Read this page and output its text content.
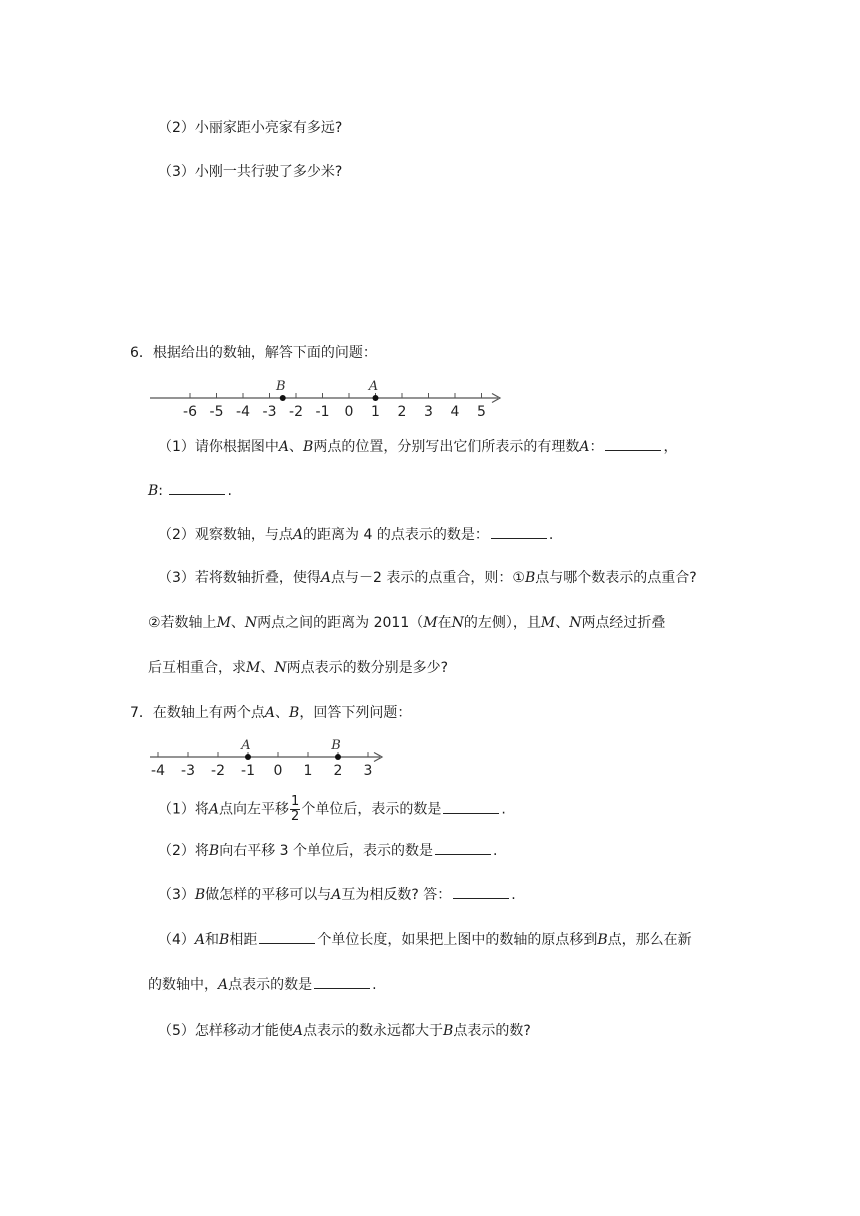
（2）小丽家距小亮家有多远?
（3）小刚一共行驶了多少米?
6．根据给出的数轴，解答下面的问题：
-6 -5 -4 -3 -2 -1 0 1 2 3 4 5
B	A
（1）请你根据图中A、B两点的位置，分别写出它们所表示的有理数A：	，
B:	.
（2）观察数轴，与点A的距离为 4 的点表示的数是：	.
（3）若将数轴折叠，使得A点与－2 表示的点重合，则：①B点与哪个数表示的点重合?
②若数轴上M、N两点之间的距离为 2011（M在N的左侧），且M、N两点经过折叠
后互相重合，求M、N两点表示的数分别是多少?
7．在数轴上有两个点A、B，回答下列问题：
-4 -3 -2 -1 0 1 2 3
A	B
（1）将A点向左平移 $\frac{1}{2}$ 个单位后，表示的数是	.
（2）将B向右平移 3 个单位后，表示的数是	.
（3）B做怎样的平移可以与A互为相反数? 答：	.
（4）A和B相距	个单位长度，如果把上图中的数轴的原点移到B点，那么在新
的数轴中，A点表示的数是	.
（5）怎样移动才能使A点表示的数永远都大于B点表示的数?
